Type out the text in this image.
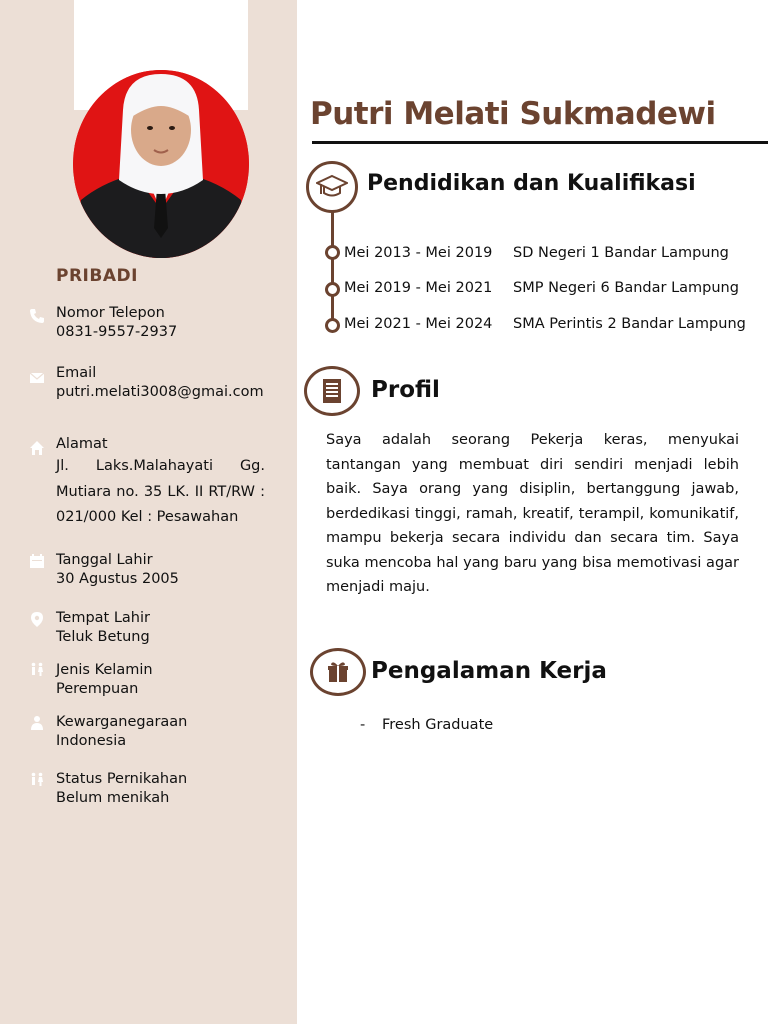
PRIBADI
Nomor Telepon
0831-9557-2937
Email
putri.melati3008@gmai.com
Alamat
Jl. Laks.Malahayati Gg. Mutiara no. 35 LK. II RT/RW : 021/000 Kel : Pesawahan
Tanggal Lahir
30 Agustus 2005
Tempat Lahir
Teluk Betung
Jenis Kelamin
Perempuan
Kewarganegaraan
Indonesia
Status Pernikahan
Belum menikah
Putri Melati Sukmadewi
Pendidikan dan Kualifikasi
Mei 2013 - Mei 2019 SD Negeri 1 Bandar Lampung
Mei 2019 - Mei 2021 SMP Negeri 6 Bandar Lampung
Mei 2021 - Mei 2024 SMA Perintis 2 Bandar Lampung
Profil
Saya adalah seorang Pekerja keras, menyukai tantangan yang membuat diri sendiri menjadi lebih baik. Saya orang yang disiplin, bertanggung jawab, berdedikasi tinggi, ramah, kreatif, terampil, komunikatif, mampu bekerja secara individu dan secara tim. Saya suka mencoba hal yang baru yang bisa memotivasi agar menjadi maju.
Pengalaman Kerja
- Fresh Graduate
